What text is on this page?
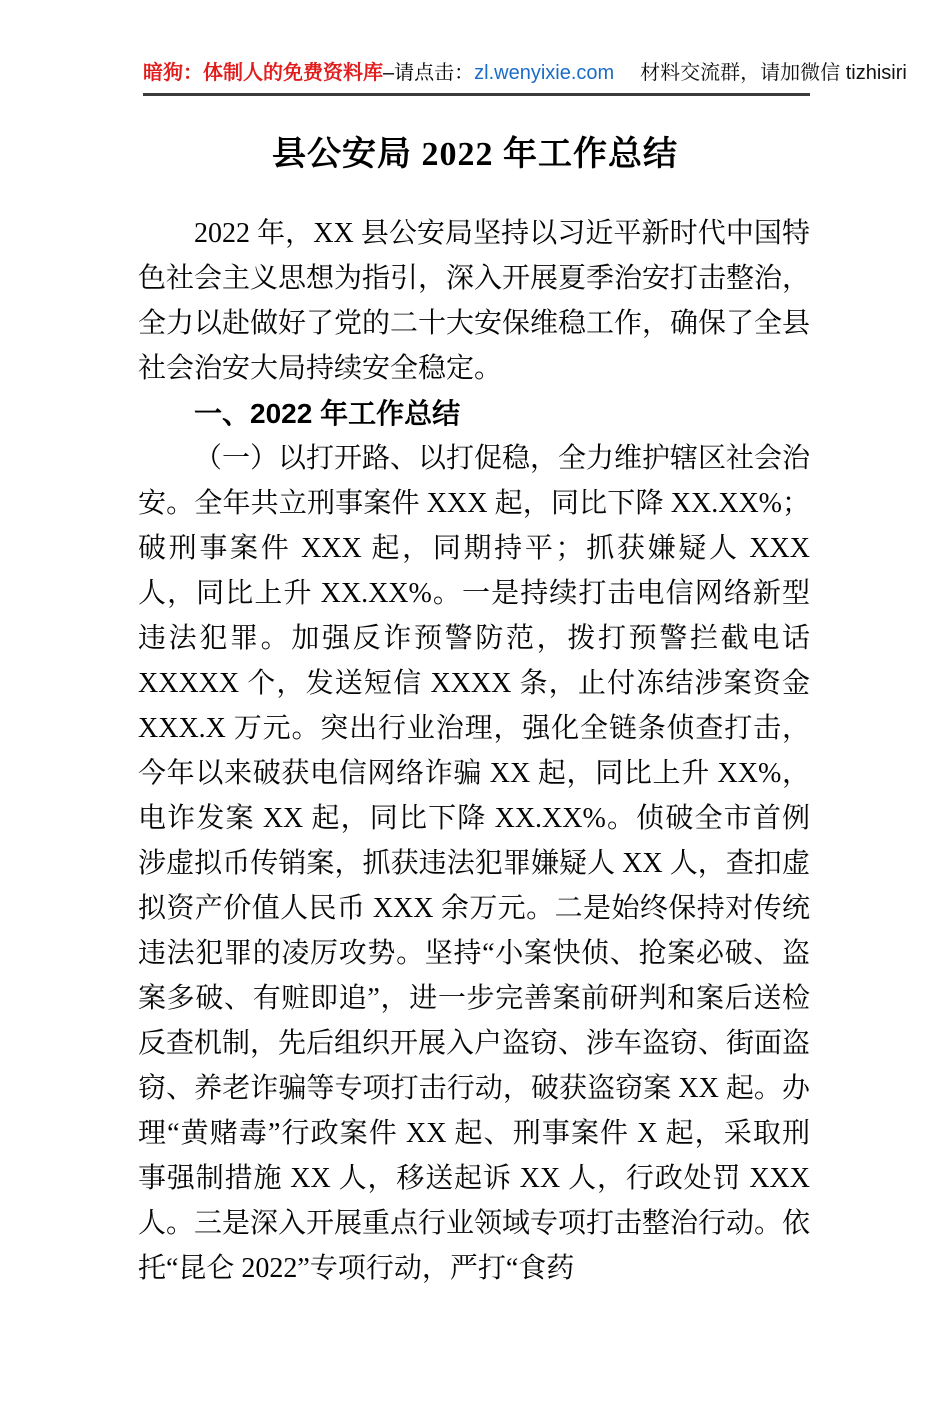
暗狗：体制人的免费资料库–请点击：zl.wenyixie.com 材料交流群，请加微信 tizhisiri
县公安局 2022 年工作总结

2022 年，XX 县公安局坚持以习近平新时代中国特色社会主义思想为指引，深入开展夏季治安打击整治，全力以赴做好了党的二十大安保维稳工作，确保了全县社会治安大局持续安全稳定。

一、2022 年工作总结

（一）以打开路、以打促稳，全力维护辖区社会治安。全年共立刑事案件 XXX 起，同比下降 XX.XX%；破刑事案件 XXX 起，同期持平；抓获嫌疑人 XXX 人，同比上升 XX.XX%。一是持续打击电信网络新型违法犯罪。加强反诈预警防范，拨打预警拦截电话 XXXXX 个，发送短信 XXXX 条，止付冻结涉案资金 XXX.X 万元。突出行业治理，强化全链条侦查打击，今年以来破获电信网络诈骗 XX 起，同比上升 XX%，电诈发案 XX 起，同比下降 XX.XX%。侦破全市首例涉虚拟币传销案，抓获违法犯罪嫌疑人 XX 人，查扣虚拟资产价值人民币 XXX 余万元。二是始终保持对传统违法犯罪的凌厉攻势。坚持“小案快侦、抢案必破、盗案多破、有赃即追”，进一步完善案前研判和案后送检反查机制，先后组织开展入户盗窃、涉车盗窃、街面盗窃、养老诈骗等专项打击行动，破获盗窃案 XX 起。办理“黄赌毒”行政案件 XX 起、刑事案件 X 起，采取刑事强制措施 XX 人，移送起诉 XX 人，行政处罚 XXX 人。三是深入开展重点行业领域专项打击整治行动。依托“昆仑 2022”专项行动，严打“食药
